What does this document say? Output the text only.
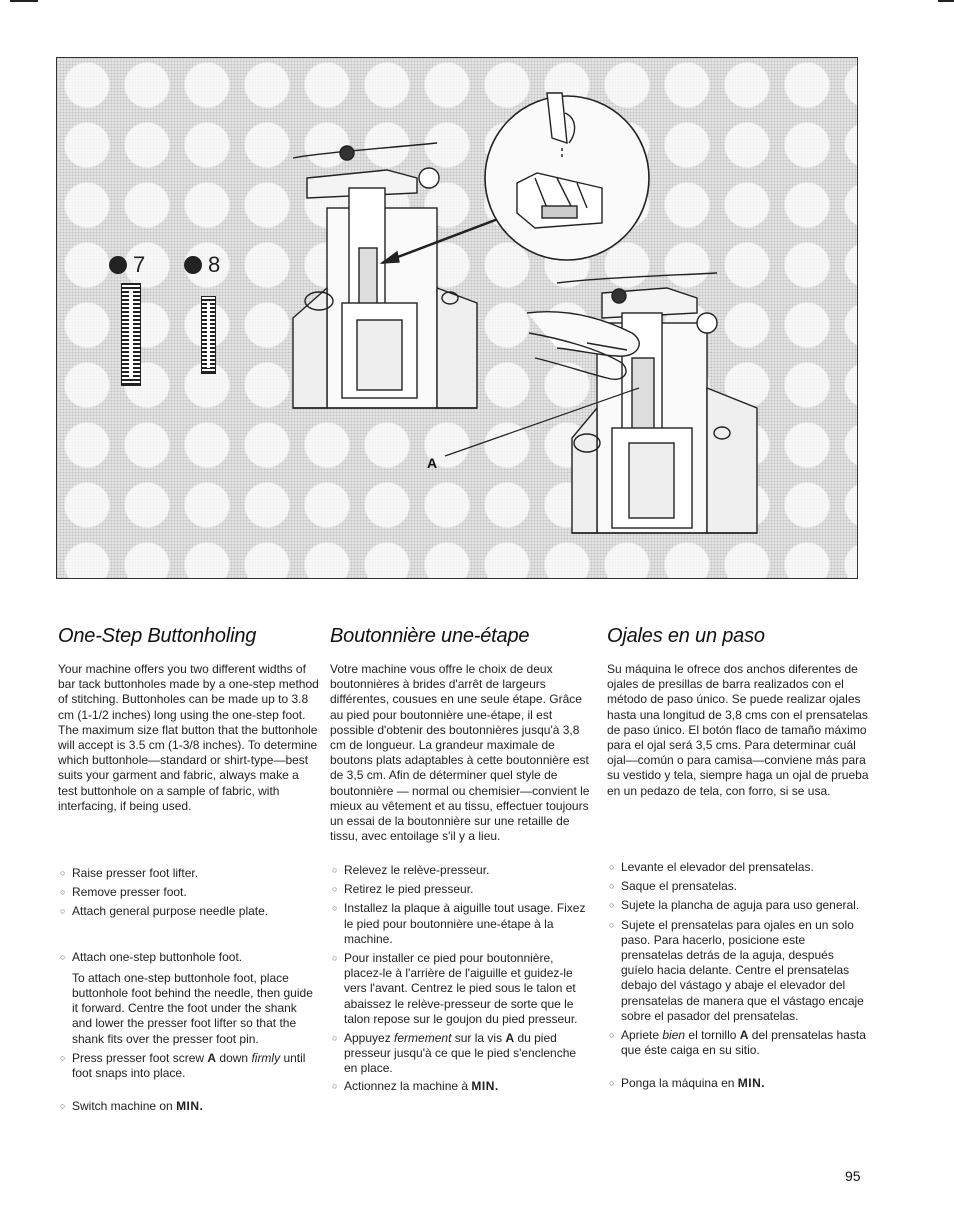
7	8
A
One-Step Buttonholing

Your machine offers you two different widths of bar tack buttonholes made by a one-step method of stitching. Buttonholes can be made up to 3.8 cm (1-1/2 inches) long using the one-step foot. The maximum size flat button that the buttonhole will accept is 3.5 cm (1-3/8 inches). To determine which buttonhole—standard or shirt-type—best suits your garment and fabric, always make a test buttonhole on a sample of fabric, with interfacing, if being used.

○ Raise presser foot lifter.
○ Remove presser foot.
○ Attach general purpose needle plate.
○ Attach one-step buttonhole foot.
To attach one-step buttonhole foot, place buttonhole foot behind the needle, then guide it forward. Centre the foot under the shank and lower the presser foot lifter so that the shank fits over the presser foot pin.
○ Press presser foot screw A down firmly until foot snaps into place.
○ Switch machine on MIN.
Boutonnière une-étape

Votre machine vous offre le choix de deux boutonnières à brides d'arrêt de largeurs différentes, cousues en une seule étape. Grâce au pied pour boutonnière une-étape, il est possible d'obtenir des boutonnières jusqu'à 3,8 cm de longueur. La grandeur maximale de boutons plats adaptables à cette boutonnière est de 3,5 cm. Afin de déterminer quel style de boutonnière — normal ou chemisier—convient le mieux au vêtement et au tissu, effectuer toujours un essai de la boutonnière sur une retaille de tissu, avec entoilage s'il y a lieu.

○ Relevez le relève-presseur.
○ Retirez le pied presseur.
○ Installez la plaque à aiguille tout usage. Fixez le pied pour boutonnière une-étape à la machine.
○ Pour installer ce pied pour boutonnière, placez-le à l'arrière de l'aiguille et guidez-le vers l'avant. Centrez le pied sous le talon et abaissez le relève-presseur de sorte que le talon repose sur le goujon du pied presseur.
○ Appuyez fermement sur la vis A du pied presseur jusqu'à ce que le pied s'enclenche en place.
○ Actionnez la machine à MIN.
Ojales en un paso

Su máquina le ofrece dos anchos diferentes de ojales de presillas de barra realizados con el método de paso único. Se puede realizar ojales hasta una longitud de 3,8 cms con el prensatelas de paso único. El botón flaco de tamaño máximo para el ojal será 3,5 cms. Para determinar cuál ojal—común o para camisa—conviene más para su vestido y tela, siempre haga un ojal de prueba en un pedazo de tela, con forro, si se usa.

○ Levante el elevador del prensatelas.
○ Saque el prensatelas.
○ Sujete la plancha de aguja para uso general.
○ Sujete el prensatelas para ojales en un solo paso. Para hacerlo, posicione este prensatelas detrás de la aguja, después guíelo hacia delante. Centre el prensatelas debajo del vástago y abaje el elevador del prensatelas de manera que el vástago encaje sobre el pasador del prensatelas.
○ Apriete bien el tornillo A del prensatelas hasta que éste caiga en su sitio.
○ Ponga la máquina en MIN.
95
